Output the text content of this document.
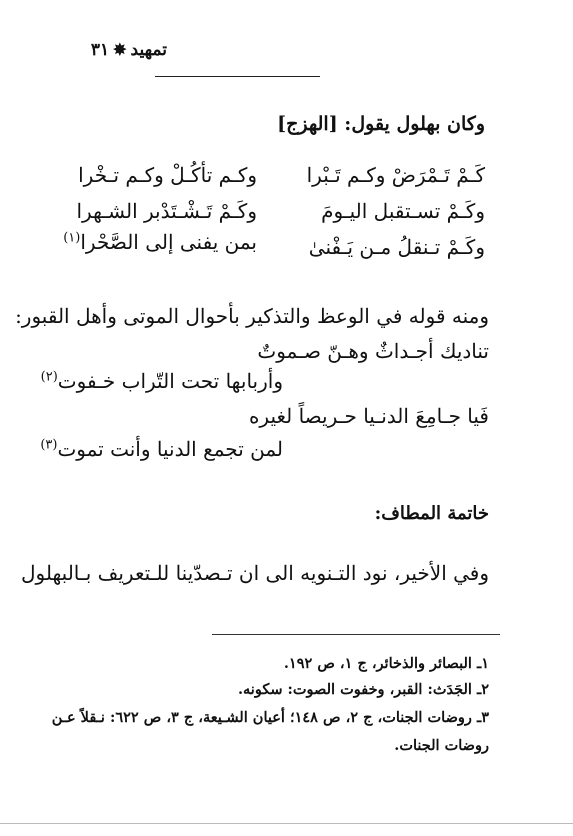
تمهيد✸٣١
وكان بهلول يقول: [الهزج]
كَـمْ تَـمْرَضْ وكـم تَـبْرا
وكـم تأكُـلْ وكـم تـخْرا
وكَـمْ تسـتقبل اليـومَ
وكَـمْ تَـشْـتَدْبر الشـهرا
وكَـمْ تـنقلُ مـن يَـفْنىٰ
بمن يفنى إلى الصَّحْرا$^{(١)}$
ومنه قوله في الوعظ والتذكير بأحوال الموتى وأهل القبور:
تناديك أجـداثٌ وهـنّ صـموتٌ
وأربابها تحت التّراب خـفوت$^{(٢)}$
فَيا جـامِعَ الدنـيا حـريصاً لغيره
لمن تجمع الدنيا وأنت تموت$^{(٣)}$
خاتمة المطاف:
وفي الأخير، نود التـنويه الى ان تـصدّينا للـتعريف بـالبهلول
١ـ البصائر والذخائر، ج ١، ص ١٩٢.
٢ـ الجَدَث: القبر، وخفوت الصوت: سكونه.
٣ـ روضات الجنات، ج ٢، ص ١٤٨؛ أعيان الشـيعة، ج ٣، ص ٦٢٢: نـقلاً عـن
روضات الجنات.
